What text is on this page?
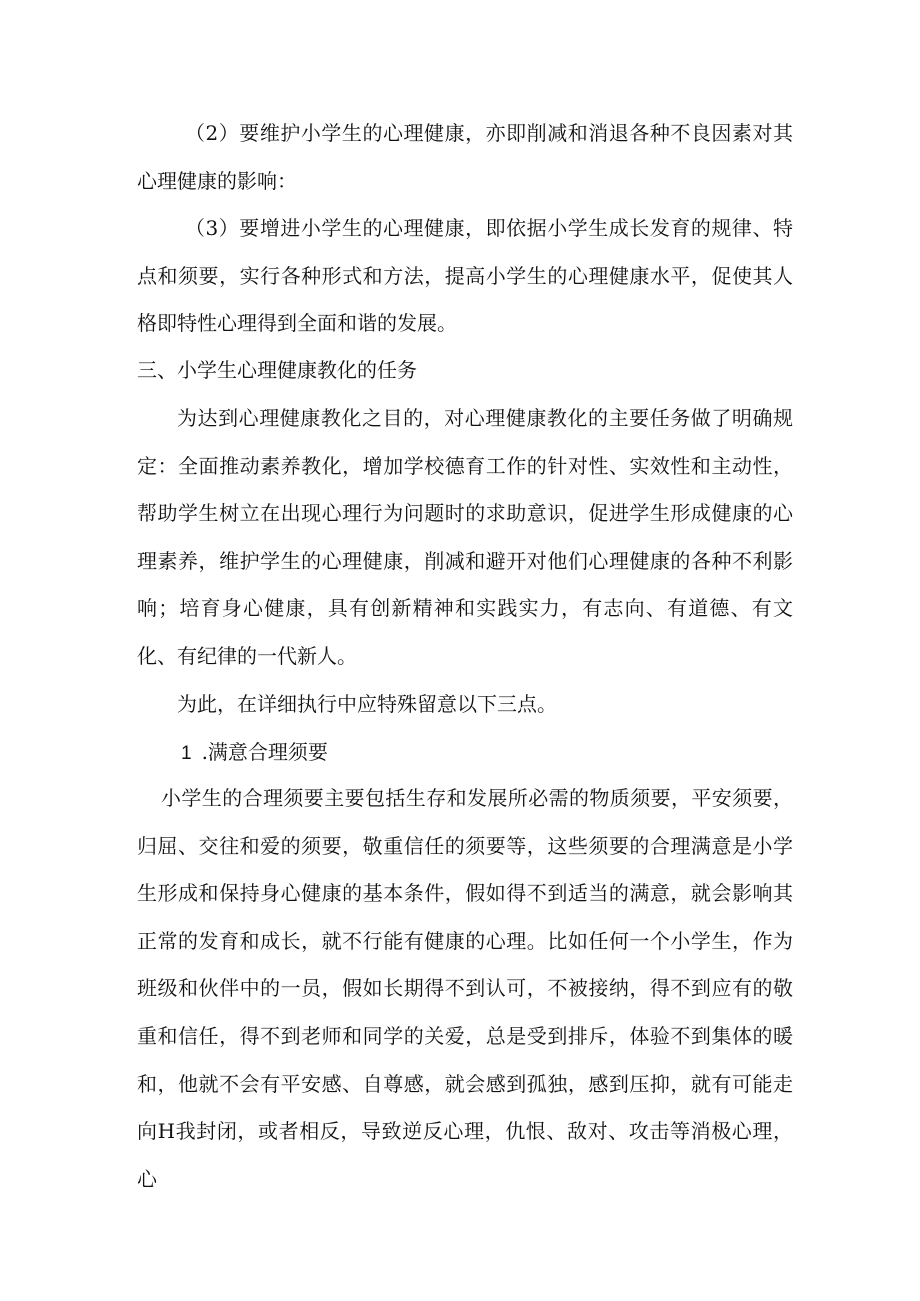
（2）要维护小学生的心理健康，亦即削减和消退各种不良因素对其心理健康的影响：

（3）要增进小学生的心理健康，即依据小学生成长发育的规律、特点和须要，实行各种形式和方法，提高小学生的心理健康水平，促使其人格即特性心理得到全面和谐的发展。

三、小学生心理健康教化的任务

为达到心理健康教化之目的，对心理健康教化的主要任务做了明确规定：全面推动素养教化，增加学校德育工作的针对性、实效性和主动性，帮助学生树立在出现心理行为问题时的求助意识，促进学生形成健康的心理素养，维护学生的心理健康，削减和避开对他们心理健康的各种不利影响；培育身心健康，具有创新精神和实践实力，有志向、有道德、有文化、有纪律的一代新人。

为此，在详细执行中应特殊留意以下三点。

1  .满意合理须要

小学生的合理须要主要包括生存和发展所必需的物质须要，平安须要，归屈、交往和爱的须要，敬重信任的须要等，这些须要的合理满意是小学生形成和保持身心健康的基本条件，假如得不到适当的满意，就会影响其正常的发育和成长，就不行能有健康的心理。比如任何一个小学生，作为班级和伙伴中的一员，假如长期得不到认可，不被接纳，得不到应有的敬重和信任，得不到老师和同学的关爱，总是受到排斥，体验不到集体的暖和，他就不会有平安感、自尊感，就会感到孤独，感到压抑，就有可能走向H我封闭，或者相反，导致逆反心理，仇恨、敌对、攻击等消极心理，心
